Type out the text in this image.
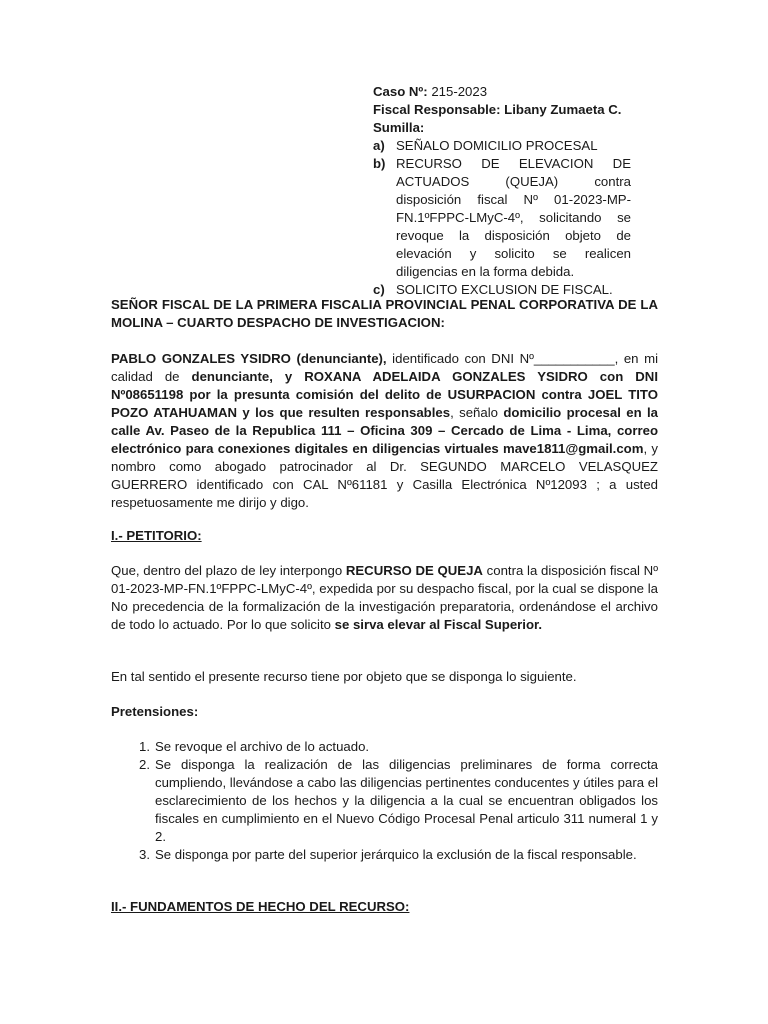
Caso Nº: 215-2023
Fiscal Responsable: Libany Zumaeta C.
Sumilla:
a) SEÑALO DOMICILIO PROCESAL
b) RECURSO DE ELEVACION DE ACTUADOS (QUEJA) contra disposición fiscal Nº 01-2023-MP-FN.1ºFPPC-LMyC-4º, solicitando se revoque la disposición objeto de elevación y solicito se realicen diligencias en la forma debida.
c) SOLICITO EXCLUSION DE FISCAL.
SEÑOR FISCAL DE LA PRIMERA FISCALIA PROVINCIAL PENAL CORPORATIVA DE LA MOLINA – CUARTO DESPACHO DE INVESTIGACION:
PABLO GONZALES YSIDRO (denunciante), identificado con DNI Nº___________, en mi calidad de denunciante, y ROXANA ADELAIDA GONZALES YSIDRO con DNI Nº08651198 por la presunta comisión del delito de USURPACION contra JOEL TITO POZO ATAHUAMAN y los que resulten responsables, señalo domicilio procesal en la calle Av. Paseo de la Republica 111 – Oficina 309 – Cercado de Lima - Lima, correo electrónico para conexiones digitales en diligencias virtuales mave1811@gmail.com, y nombro como abogado patrocinador al Dr. SEGUNDO MARCELO VELASQUEZ GUERRERO identificado con CAL Nº61181 y Casilla Electrónica Nº12093 ; a usted respetuosamente me dirijo y digo.
I.- PETITORIO:
Que, dentro del plazo de ley interpongo RECURSO DE QUEJA contra la disposición fiscal Nº 01-2023-MP-FN.1ºFPPC-LMyC-4º, expedida por su despacho fiscal, por la cual se dispone la No precedencia de la formalización de la investigación preparatoria, ordenándose el archivo de todo lo actuado. Por lo que solicito se sirva elevar al Fiscal Superior.
En tal sentido el presente recurso tiene por objeto que se disponga lo siguiente.
Pretensiones:
1. Se revoque el archivo de lo actuado.
2. Se disponga la realización de las diligencias preliminares de forma correcta cumpliendo, llevándose a cabo las diligencias pertinentes conducentes y útiles para el esclarecimiento de los hechos y la diligencia a la cual se encuentran obligados los fiscales en cumplimiento en el Nuevo Código Procesal Penal articulo 311 numeral 1 y 2.
3. Se disponga por parte del superior jerárquico la exclusión de la fiscal responsable.
II.- FUNDAMENTOS DE HECHO DEL RECURSO:
